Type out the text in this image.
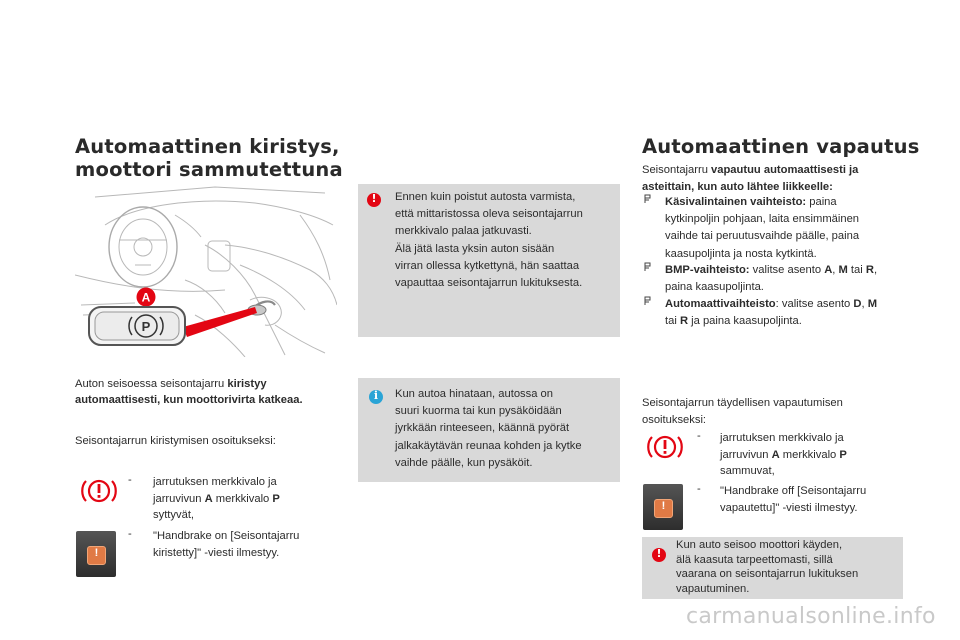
Automaattinen kiristys,
moottori sammutettuna
A
P
Auton seisoessa seisontajarru kiristyy
automaattisesti, kun moottorivirta katkeaa.
Seisontajarrun kiristymisen osoitukseksi:
- jarrutuksen merkkivalo ja
jarruvivun A merkkivalo P
syttyvät,
!
- "Handbrake on [Seisontajarru
kiristetty]" -viesti ilmestyy.
!
Ennen kuin poistut autosta varmista,
että mittaristossa oleva seisontajarrun
merkkivalo palaa jatkuvasti.
Älä jätä lasta yksin auton sisään
virran ollessa kytkettynä, hän saattaa
vapauttaa seisontajarrun lukituksesta.
i
Kun autoa hinataan, autossa on
suuri kuorma tai kun pysäköidään
jyrkkään rinteeseen, käännä pyörät
jalkakäytävän reunaa kohden ja kytke
vaihde päälle, kun pysäköit.
Automaattinen vapautus
Seisontajarru vapautuu automaattisesti ja
asteittain, kun auto lähtee liikkeelle:
Käsivalintainen vaihteisto: paina
kytkinpoljin pohjaan, laita ensimmäinen
vaihde tai peruutusvaihde päälle, paina
kaasupoljinta ja nosta kytkintä.
BMP-vaihteisto: valitse asento A, M tai R,
paina kaasupoljinta.
Automaattivaihteisto: valitse asento D, M
tai R ja paina kaasupoljinta.
Seisontajarrun täydellisen vapautumisen
osoitukseksi:
- jarrutuksen merkkivalo ja
jarruvivun A merkkivalo P
sammuvat,
!
- "Handbrake off [Seisontajarru
vapautettu]" -viesti ilmestyy.
!
Kun auto seisoo moottori käyden,
älä kaasuta tarpeettomasti, sillä
vaarana on seisontajarrun lukituksen
vapautuminen.
carmanualsonline.info
